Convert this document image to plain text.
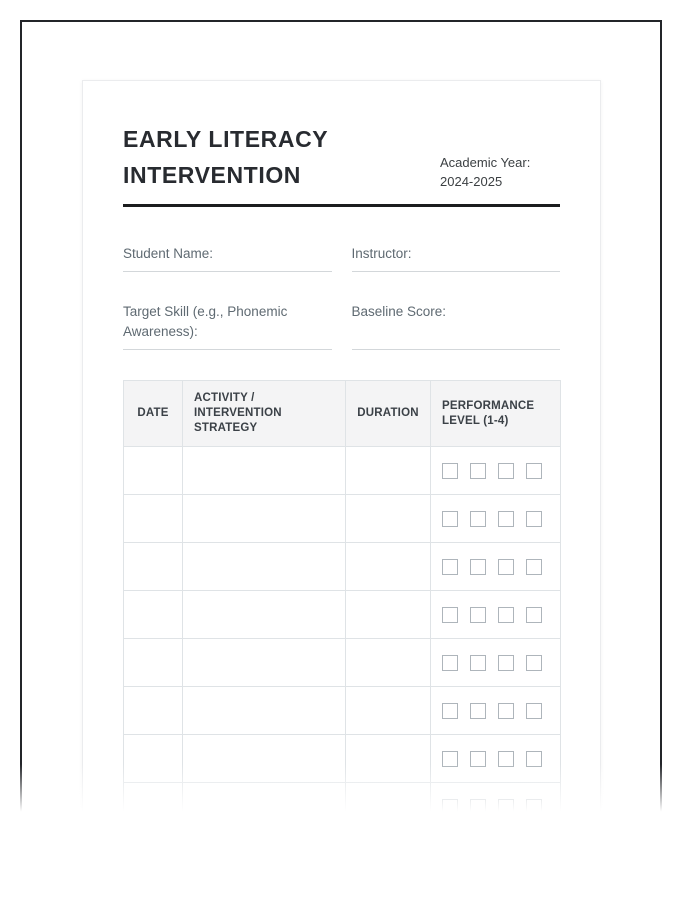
EARLY LITERACY INTERVENTION	Academic Year:
2024-2025
Student Name:	Instructor:
Target Skill (e.g., Phonemic Awareness):
Baseline Score:
DATE	ACTIVITY / INTERVENTION STRATEGY	DURATION	PERFORMANCE LEVEL (1-4)
